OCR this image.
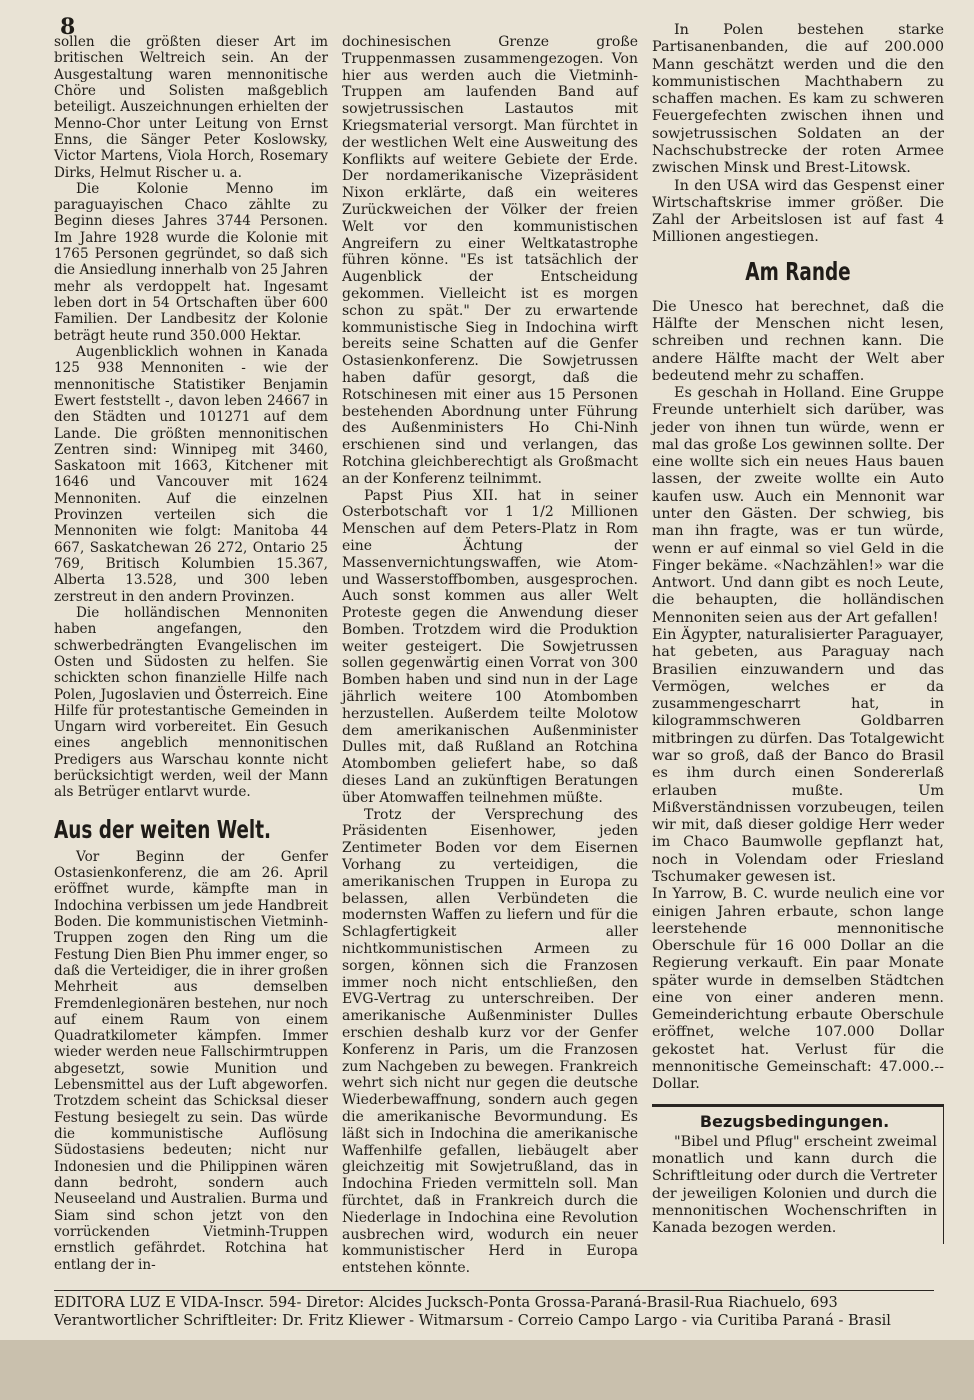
8

sollen die größten dieser Art im britischen Weltreich sein. An der Ausgestaltung waren mennonitische Chöre und Solisten maßgeblich beteiligt. Auszeichnungen erhielten der Menno-Chor unter Leitung von Ernst Enns, die Sänger Peter Koslowsky, Victor Martens, Viola Horch, Rosemary Dirks, Helmut Rischer u. a.

Die Kolonie Menno im paraguayischen Chaco zählte zu Beginn dieses Jahres 3744 Personen. Im Jahre 1928 wurde die Kolonie mit 1765 Personen gegründet, so daß sich die Ansiedlung innerhalb von 25 Jahren mehr als verdoppelt hat. Ingesamt leben dort in 54 Ortschaften über 600 Familien. Der Landbesitz der Kolonie beträgt heute rund 350.000 Hektar.

Augenblicklich wohnen in Kanada 125 938 Mennoniten - wie der mennonitische Statistiker Benjamin Ewert feststellt -, davon leben 24667 in den Städten und 101271 auf dem Lande. Die größten mennonitischen Zentren sind: Winnipeg mit 3460, Saskatoon mit 1663, Kitchener mit 1646 und Vancouver mit 1624 Mennoniten. Auf die einzelnen Provinzen verteilen sich die Mennoniten wie folgt: Manitoba 44 667, Saskatchewan 26 272, Ontario 25 769, Britisch Kolumbien 15.367, Alberta 13.528, und 300 leben zerstreut in den andern Provinzen.

Die holländischen Mennoniten haben angefangen, den schwerbedrängten Evangelischen im Osten und Südosten zu helfen. Sie schickten schon finanzielle Hilfe nach Polen, Jugoslavien und Österreich. Eine Hilfe für protestantische Gemeinden in Ungarn wird vorbereitet. Ein Gesuch eines angeblich mennonitischen Predigers aus Warschau konnte nicht berücksichtigt werden, weil der Mann als Betrüger entlarvt wurde.

Aus der weiten Welt.

Vor Beginn der Genfer Ostasienkonferenz, die am 26. April eröffnet wurde, kämpfte man in Indochina verbissen um jede Handbreit Boden. Die kommunistischen Vietminh-Truppen zogen den Ring um die Festung Dien Bien Phu immer enger, so daß die Verteidiger, die in ihrer großen Mehrheit aus demselben Fremdenlegionären bestehen, nur noch auf einem Raum von einem Quadratkilometer kämpfen. Immer wieder werden neue Fallschirmtruppen abgesetzt, sowie Munition und Lebensmittel aus der Luft abgeworfen. Trotzdem scheint das Schicksal dieser Festung besiegelt zu sein. Das würde die kommunistische Auflösung Südostasiens bedeuten; nicht nur Indonesien und die Philippinen wären dann bedroht, sondern auch Neuseeland und Australien. Burma und Siam sind schon jetzt von den vorrückenden Vietminh-Truppen ernstlich gefährdet. Rotchina hat entlang der in-

dochinesischen Grenze große Truppenmassen zusammengezogen. Von hier aus werden auch die Vietminh-Truppen am laufenden Band auf sowjetrussischen Lastautos mit Kriegsmaterial versorgt. Man fürchtet in der westlichen Welt eine Ausweitung des Konflikts auf weitere Gebiete der Erde. Der nordamerikanische Vizepräsident Nixon erklärte, daß ein weiteres Zurückweichen der Völker der freien Welt vor den kommunistischen Angreifern zu einer Weltkatastrophe führen könne. "Es ist tatsächlich der Augenblick der Entscheidung gekommen. Vielleicht ist es morgen schon zu spät." Der zu erwartende kommunistische Sieg in Indochina wirft bereits seine Schatten auf die Genfer Ostasienkonferenz. Die Sowjetrussen haben dafür gesorgt, daß die Rotschinesen mit einer aus 15 Personen bestehenden Abordnung unter Führung des Außenministers Ho Chi-Ninh erschienen sind und verlangen, das Rotchina gleichberechtigt als Großmacht an der Konferenz teilnimmt.

Papst Pius XII. hat in seiner Osterbotschaft vor 1 1/2 Millionen Menschen auf dem Peters-Platz in Rom eine Ächtung der Massenvernichtungswaffen, wie Atom- und Wasserstoffbomben, ausgesprochen. Auch sonst kommen aus aller Welt Proteste gegen die Anwendung dieser Bomben. Trotzdem wird die Produktion weiter gesteigert. Die Sowjetrussen sollen gegenwärtig einen Vorrat von 300 Bomben haben und sind nun in der Lage jährlich weitere 100 Atombomben herzustellen. Außerdem teilte Molotow dem amerikanischen Außenminister Dulles mit, daß Rußland an Rotchina Atombomben geliefert habe, so daß dieses Land an zukünftigen Beratungen über Atomwaffen teilnehmen müßte.

Trotz der Versprechung des Präsidenten Eisenhower, jeden Zentimeter Boden vor dem Eisernen Vorhang zu verteidigen, die amerikanischen Truppen in Europa zu belassen, allen Verbündeten die modernsten Waffen zu liefern und für die Schlagfertigkeit aller nichtkommunistischen Armeen zu sorgen, können sich die Franzosen immer noch nicht entschließen, den EVG-Vertrag zu unterschreiben. Der amerikanische Außenminister Dulles erschien deshalb kurz vor der Genfer Konferenz in Paris, um die Franzosen zum Nachgeben zu bewegen. Frankreich wehrt sich nicht nur gegen die deutsche Wiederbewaffnung, sondern auch gegen die amerikanische Bevormundung. Es läßt sich in Indochina die amerikanische Waffenhilfe gefallen, liebäugelt aber gleichzeitig mit Sowjetrußland, das in Indochina Frieden vermitteln soll. Man fürchtet, daß in Frankreich durch die Niederlage in Indochina eine Revolution ausbrechen wird, wodurch ein neuer kommunistischer Herd in Europa entstehen könnte.

In Polen bestehen starke Partisanenbanden, die auf 200.000 Mann geschätzt werden und die den kommunistischen Machthabern zu schaffen machen. Es kam zu schweren Feuergefechten zwischen ihnen und sowjetrussischen Soldaten an der Nachschubstrecke der roten Armee zwischen Minsk und Brest-Litowsk.

In den USA wird das Gespenst einer Wirtschaftskrise immer größer. Die Zahl der Arbeitslosen ist auf fast 4 Millionen angestiegen.

Am Rande

Die Unesco hat berechnet, daß die Hälfte der Menschen nicht lesen, schreiben und rechnen kann. Die andere Hälfte macht der Welt aber bedeutend mehr zu schaffen.

Es geschah in Holland. Eine Gruppe Freunde unterhielt sich darüber, was jeder von ihnen tun würde, wenn er mal das große Los gewinnen sollte. Der eine wollte sich ein neues Haus bauen lassen, der zweite wollte ein Auto kaufen usw. Auch ein Mennonit war unter den Gästen. Der schwieg, bis man ihn fragte, was er tun würde, wenn er auf einmal so viel Geld in die Finger bekäme. «Nachzählen!» war die Antwort. Und dann gibt es noch Leute, die behaupten, die holländischen Mennoniten seien aus der Art gefallen!

Ein Ägypter, naturalisierter Paraguayer, hat gebeten, aus Paraguay nach Brasilien einzuwandern und das Vermögen, welches er da zusammengescharrt hat, in kilogrammschweren Goldbarren mitbringen zu dürfen. Das Totalgewicht war so groß, daß der Banco do Brasil es ihm durch einen Sondererlaß erlauben mußte. Um Mißverständnissen vorzubeugen, teilen wir mit, daß dieser goldige Herr weder im Chaco Baumwolle gepflanzt hat, noch in Volendam oder Friesland Tschumaker gewesen ist.

In Yarrow, B. C. wurde neulich eine vor einigen Jahren erbaute, schon lange leerstehende mennonitische Oberschule für 16 000 Dollar an die Regierung verkauft. Ein paar Monate später wurde in demselben Städtchen eine von einer anderen menn. Gemeinderichtung erbaute Oberschule eröffnet, welche 107.000 Dollar gekostet hat. Verlust für die mennonitische Gemeinschaft: 47.000.--Dollar.

Bezugsbedingungen.

"Bibel und Pflug" erscheint zweimal monatlich und kann durch die Schriftleitung oder durch die Vertreter der jeweiligen Kolonien und durch die mennonitischen Wochenschriften in Kanada bezogen werden.

EDITORA LUZ E VIDA-Inscr. 594- Diretor: Alcides Jucksch-Ponta Grossa-Paraná-Brasil-Rua Riachuelo, 693
Verantwortlicher Schriftleiter: Dr. Fritz Kliewer - Witmarsum - Correio Campo Largo - via Curitiba Paraná - Brasil
